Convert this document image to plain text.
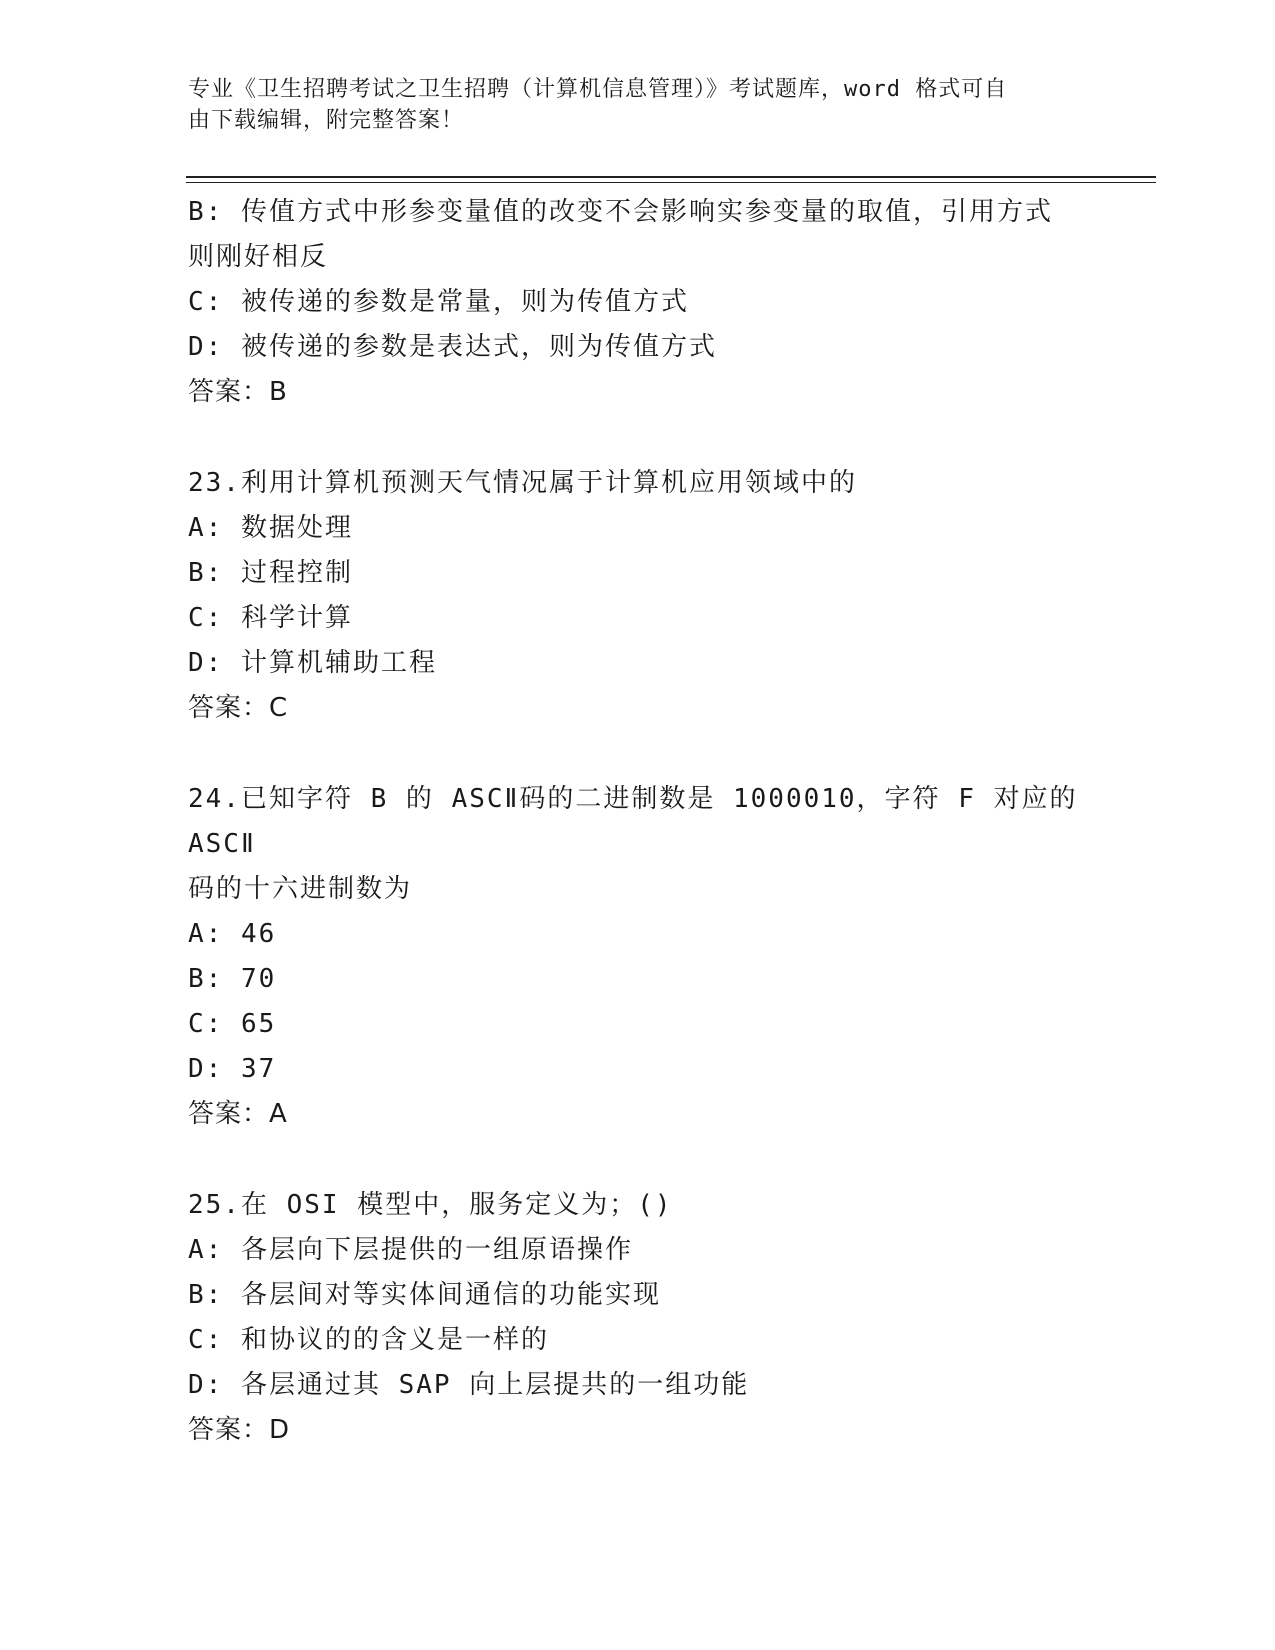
专业《卫生招聘考试之卫生招聘（计算机信息管理）》考试题库，word 格式可自
由下载编辑，附完整答案！
B: 传值方式中形参变量值的改变不会影响实参变量的取值，引用方式
则刚好相反
C: 被传递的参数是常量，则为传值方式
D: 被传递的参数是表达式，则为传值方式
答案：B
23.利用计算机预测天气情况属于计算机应用领域中的
A: 数据处理
B: 过程控制
C: 科学计算
D: 计算机辅助工程
答案：C
24.已知字符 B 的 ASCⅡ码的二进制数是 1000010，字符 F 对应的 ASCⅡ
码的十六进制数为
A: 46
B: 70
C: 65
D: 37
答案：A
25.在 OSI 模型中，服务定义为；()
A: 各层向下层提供的一组原语操作
B: 各层间对等实体间通信的功能实现
C: 和协议的的含义是一样的
D: 各层通过其 SAP 向上层提共的一组功能
答案：D
